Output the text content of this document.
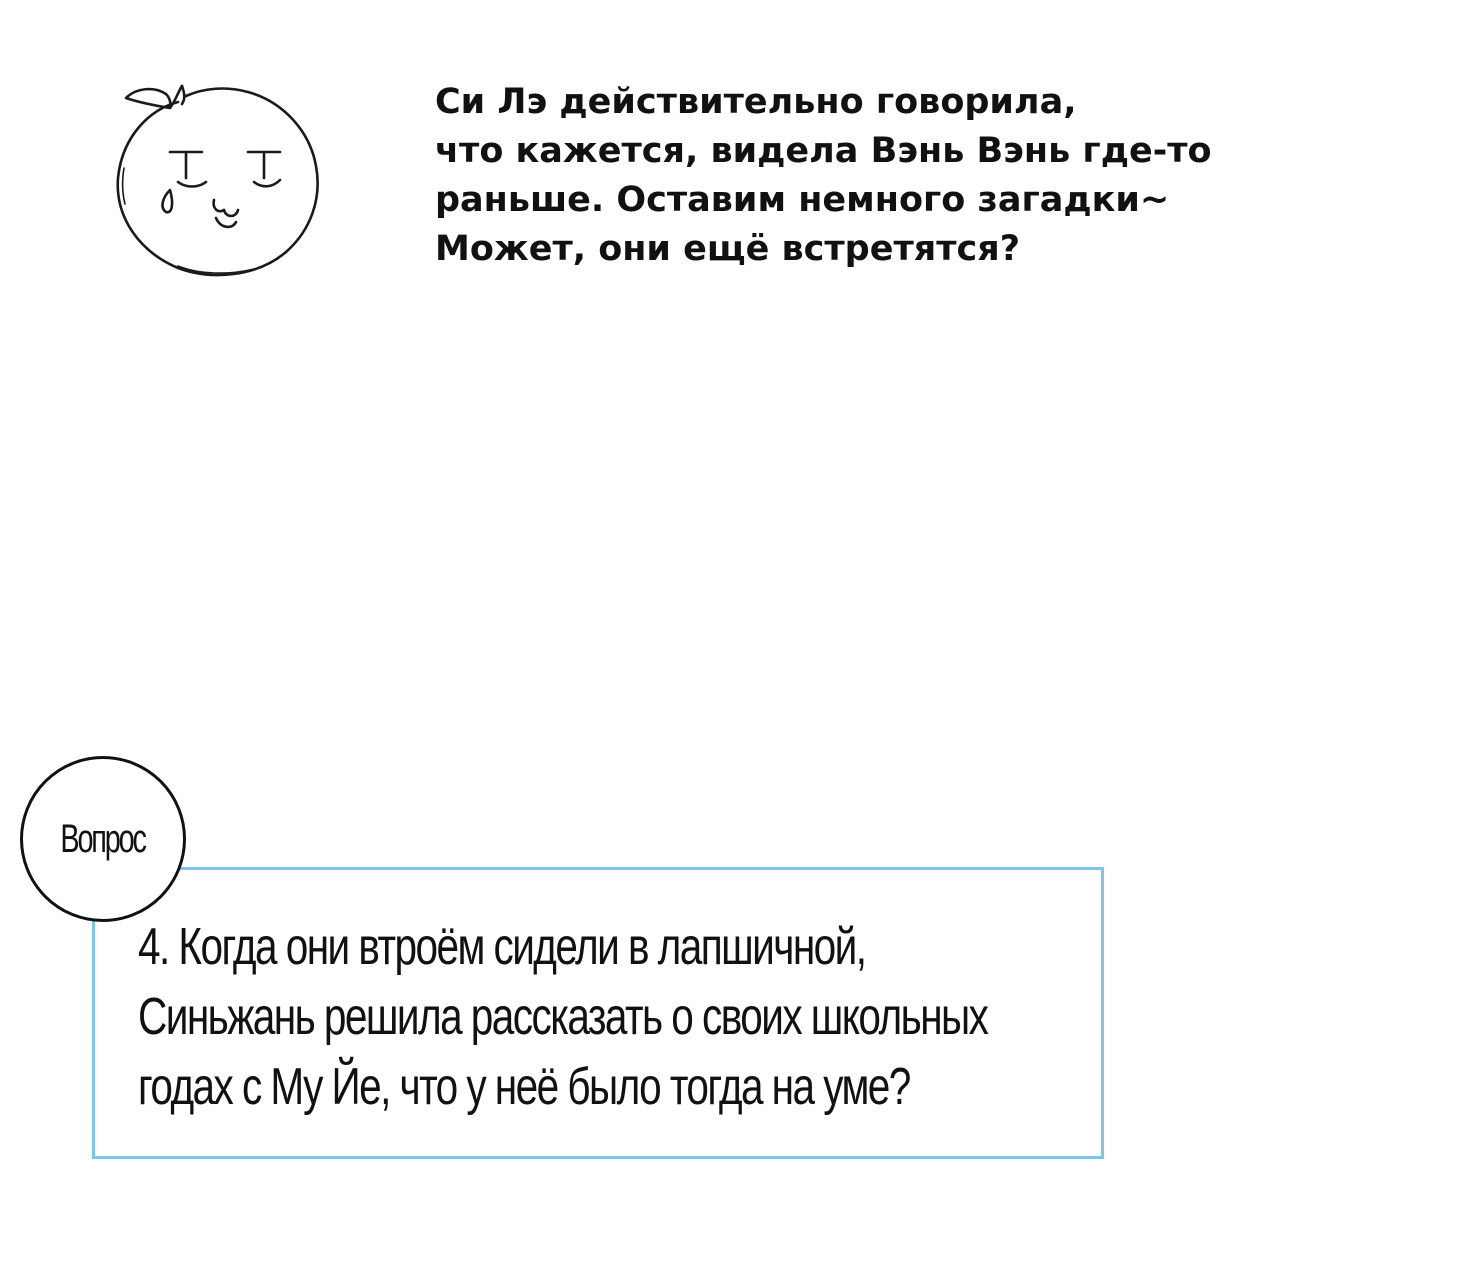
Си Лэ действительно говорила,
что кажется, видела Вэнь Вэнь где-то
раньше. Оставим немного загадки~
Может, они ещё встретятся?

4. Когда они втроём сидели в лапшичной,
Синьжань решила рассказать о своих школьных
годах с Му Йе, что у неё было тогда на уме?

Вопрос
